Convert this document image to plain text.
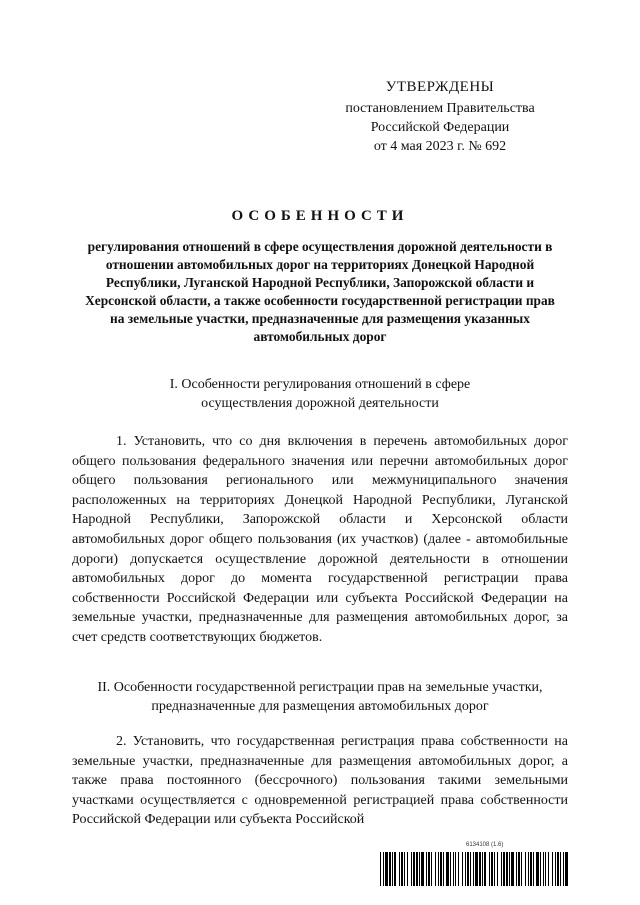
УТВЕРЖДЕНЫ
постановлением Правительства
Российской Федерации
от 4 мая 2023 г. № 692
ОСОБЕННОСТИ
регулирования отношений в сфере осуществления дорожной деятельности в отношении автомобильных дорог на территориях Донецкой Народной Республики, Луганской Народной Республики, Запорожской области и Херсонской области, а также особенности государственной регистрации прав на земельные участки, предназначенные для размещения указанных автомобильных дорог
I. Особенности регулирования отношений в сфере
осуществления дорожной деятельности

1. Установить, что со дня включения в перечень автомобильных дорог общего пользования федерального значения или перечни автомобильных дорог общего пользования регионального или межмуниципального значения расположенных на территориях Донецкой Народной Республики, Луганской Народной Республики, Запорожской области и Херсонской области автомобильных дорог общего пользования (их участков) (далее - автомобильные дороги) допускается осуществление дорожной деятельности в отношении автомобильных дорог до момента государственной регистрации права собственности Российской Федерации или субъекта Российской Федерации на земельные участки, предназначенные для размещения автомобильных дорог, за счет средств соответствующих бюджетов.

II. Особенности государственной регистрации прав на земельные участки,
предназначенные для размещения автомобильных дорог

2. Установить, что государственная регистрация права собственности на земельные участки, предназначенные для размещения автомобильных дорог, а также права постоянного (бессрочного) пользования такими земельными участками осуществляется с одновременной регистрацией права собственности Российской Федерации или субъекта Российской

6134108 (1.6)
